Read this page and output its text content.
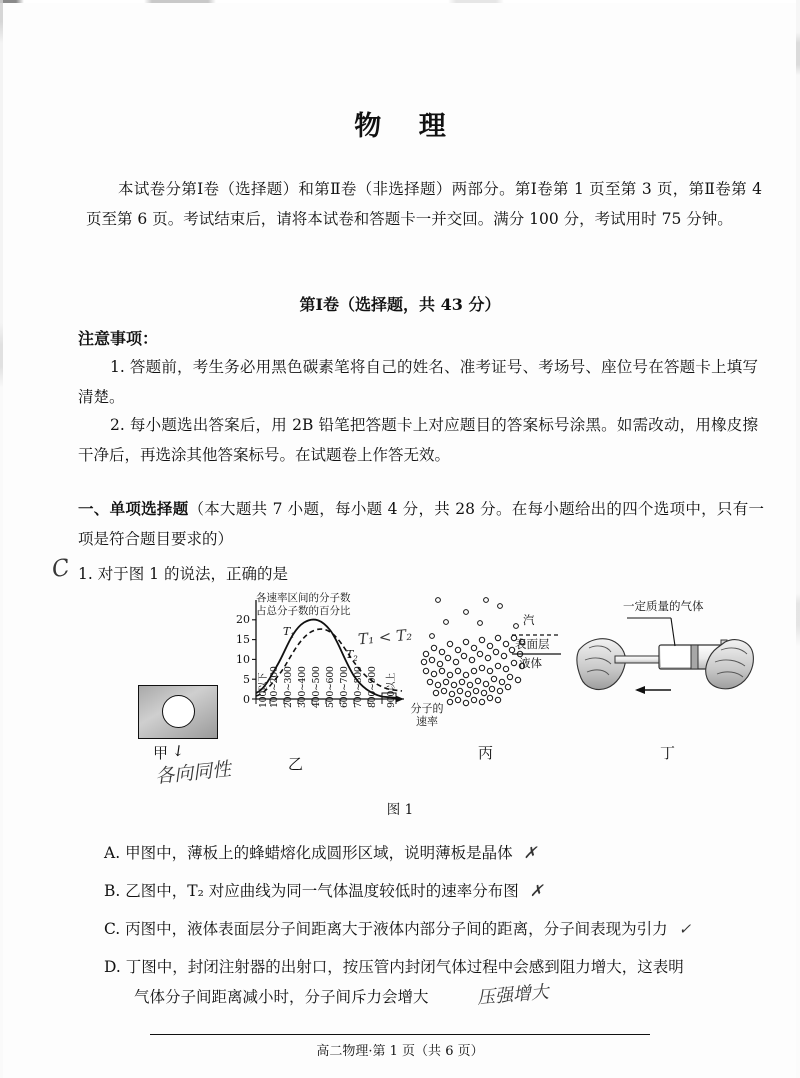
物 理
本试卷分第Ⅰ卷（选择题）和第Ⅱ卷（非选择题）两部分。第Ⅰ卷第 1 页至第 3 页，第Ⅱ卷第 4 页至第 6 页。考试结束后，请将本试卷和答题卡一并交回。满分 100 分，考试用时 75 分钟。
第Ⅰ卷（选择题，共 43 分）
注意事项：
1. 答题前，考生务必用黑色碳素笔将自己的姓名、准考证号、考场号、座位号在答题卡上填写清楚。
2. 每小题选出答案后，用 2B 铅笔把答题卡上对应题目的答案标号涂黑。如需改动，用橡皮擦干净后，再选涂其他答案标号。在试题卷上作答无效。
一、单项选择题（本大题共 7 小题，每小题 4 分，共 28 分。在每小题给出的四个选项中，只有一项是符合题目要求的）
C 1. 对于图 1 的说法，正确的是
甲 ↓
各向同性
各速率区间的分子数
占总分子数的百分比
T 1
T 2
0
5
10
15
20
T₁ < T₂
100以下 100~200 200~300 300~400 400~500 500~600 600~700 700~800 800~900 900以上
分子的
速率
乙
汽
表面层
液体
丙
一定质量的气体
丁
图 1
A. 甲图中，薄板上的蜂蜡熔化成圆形区域，说明薄板是晶体 ✗
B. 乙图中，T₂ 对应曲线为同一气体温度较低时的速率分布图 ✗
C. 丙图中，液体表面层分子间距离大于液体内部分子间的距离，分子间表现为引力 ✓
D. 丁图中，封闭注射器的出射口，按压管内封闭气体过程中会感到阻力增大，这表明
气体分子间距离减小时，分子间斥力会增大	压强增大
高二物理·第 1 页（共 6 页）
